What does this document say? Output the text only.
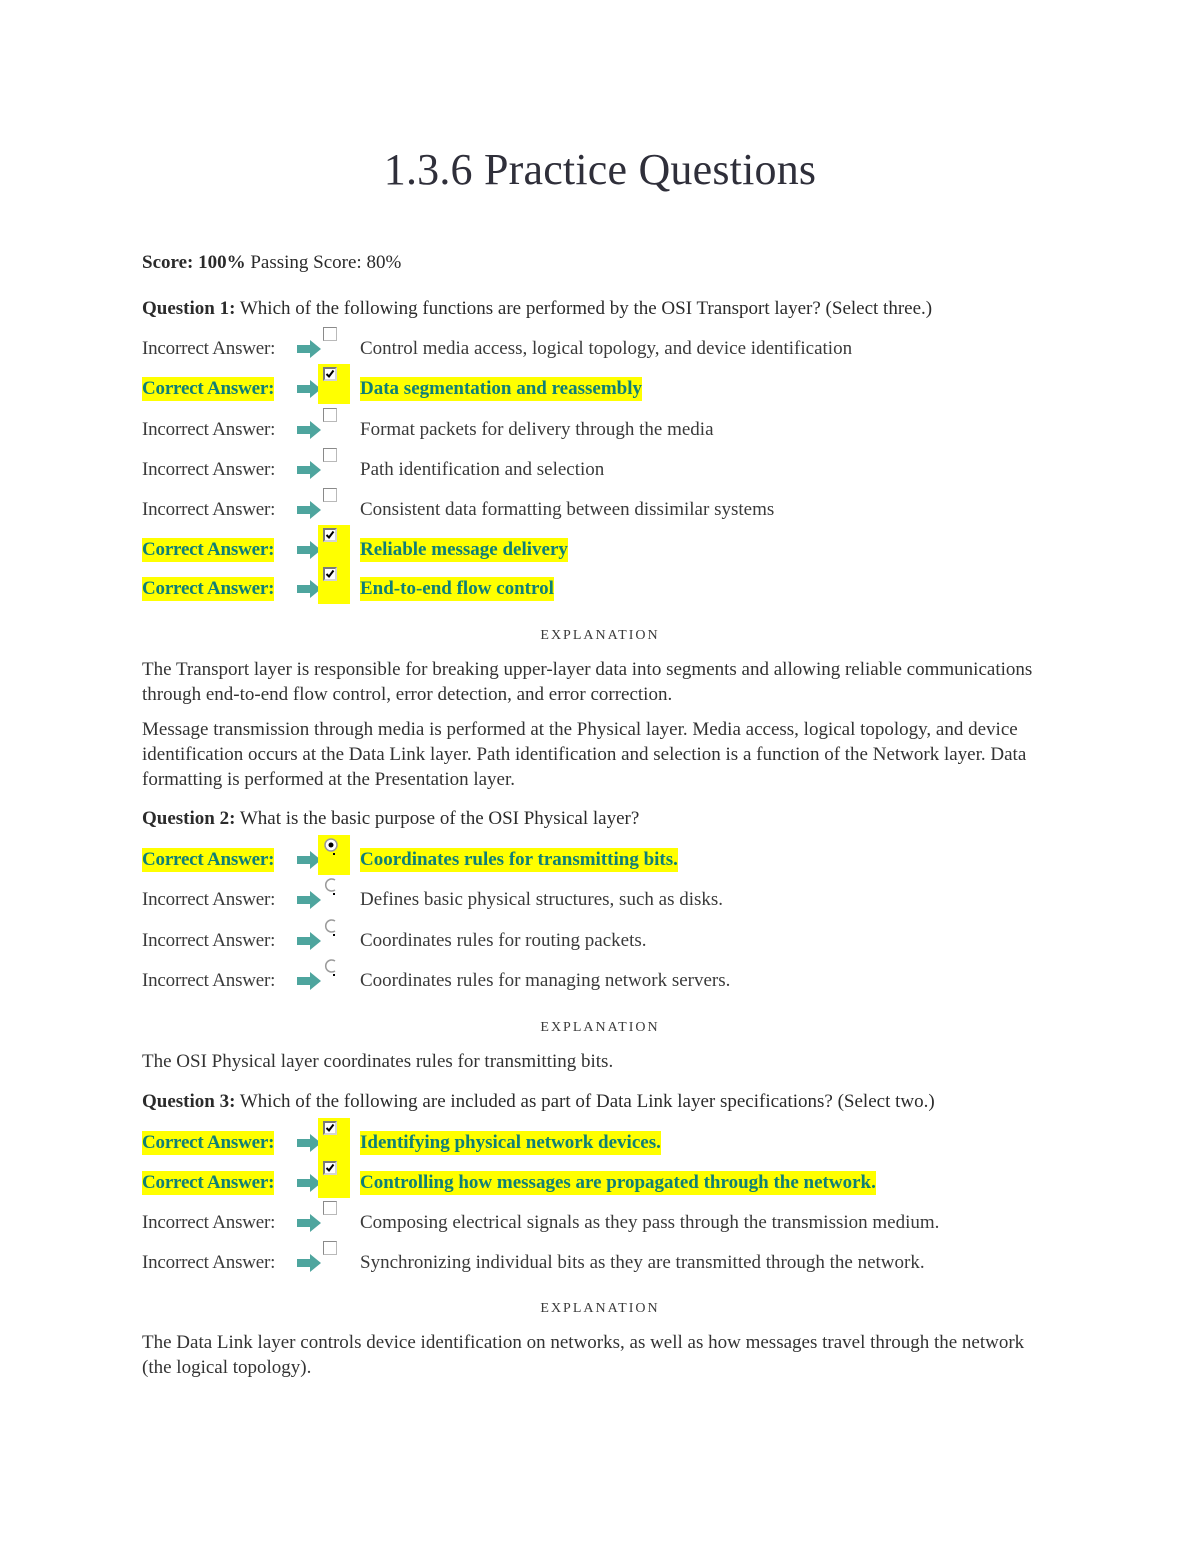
1.3.6 Practice Questions
Score: 100% Passing Score: 80%
Question 1: Which of the following functions are performed by the OSI Transport layer? (Select three.)
Incorrect Answer:	Control media access, logical topology, and device identification
Correct Answer:	Data segmentation and reassembly
Incorrect Answer:	Format packets for delivery through the media
Incorrect Answer:	Path identification and selection
Incorrect Answer:	Consistent data formatting between dissimilar systems
Correct Answer:	Reliable message delivery
Correct Answer:	End-to-end flow control
EXPLANATION
The Transport layer is responsible for breaking upper-layer data into segments and allowing reliable communications through end-to-end flow control, error detection, and error correction.
Message transmission through media is performed at the Physical layer. Media access, logical topology, and device identification occurs at the Data Link layer. Path identification and selection is a function of the Network layer. Data formatting is performed at the Presentation layer.
Question 2: What is the basic purpose of the OSI Physical layer?
Correct Answer:	Coordinates rules for transmitting bits.
Incorrect Answer:	Defines basic physical structures, such as disks.
Incorrect Answer:	Coordinates rules for routing packets.
Incorrect Answer:	Coordinates rules for managing network servers.
EXPLANATION
The OSI Physical layer coordinates rules for transmitting bits.
Question 3: Which of the following are included as part of Data Link layer specifications? (Select two.)
Correct Answer:	Identifying physical network devices.
Correct Answer:	Controlling how messages are propagated through the network.
Incorrect Answer:	Composing electrical signals as they pass through the transmission medium.
Incorrect Answer:	Synchronizing individual bits as they are transmitted through the network.
EXPLANATION
The Data Link layer controls device identification on networks, as well as how messages travel through the network (the logical topology).
